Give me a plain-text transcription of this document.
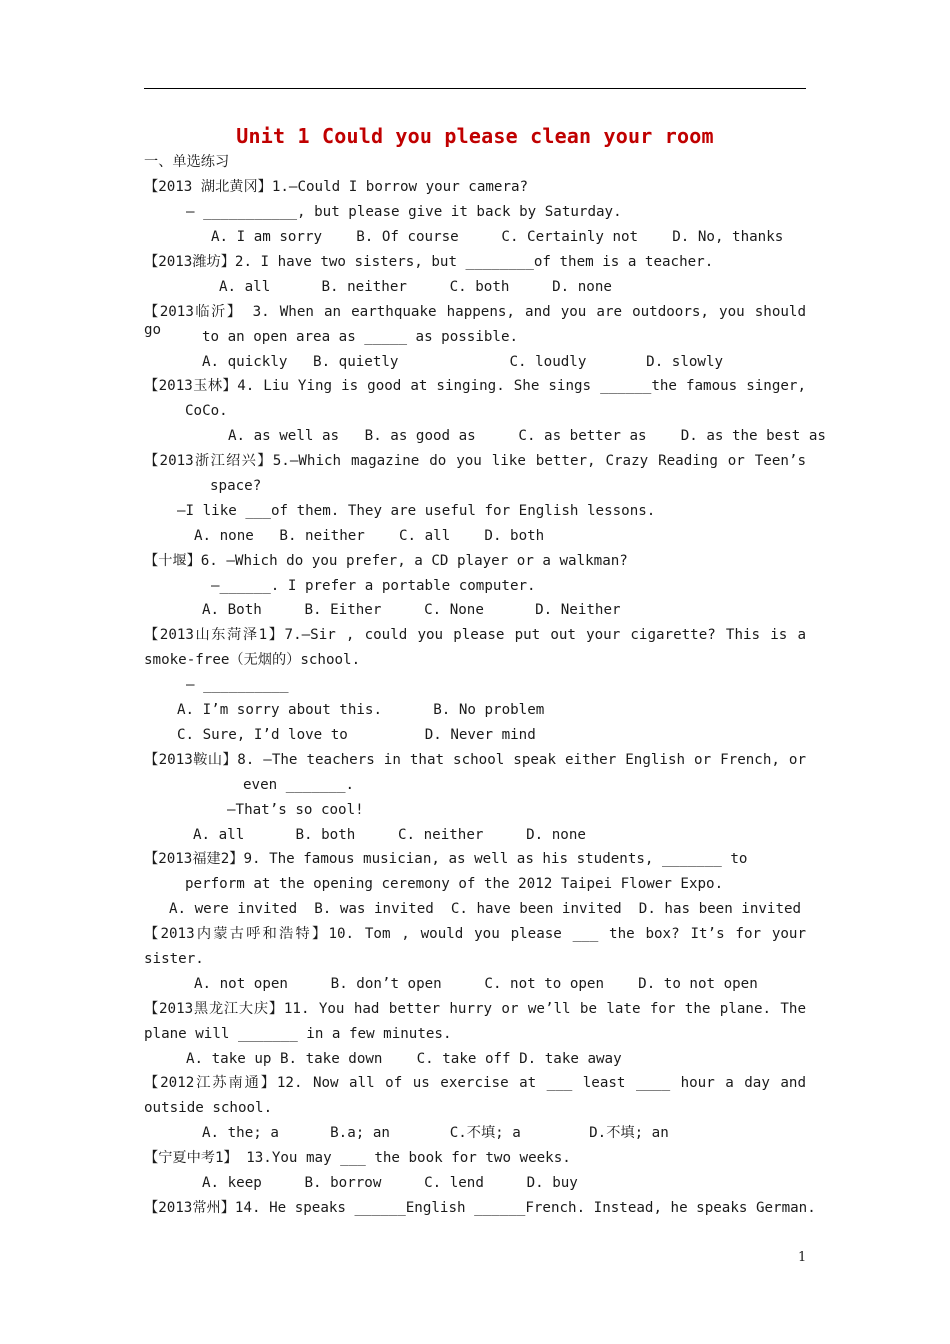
Unit 1 Could you please clean your room
一、单选练习
【2013 湖北黄冈】1.—Could I borrow your camera?
— ___________, but please give it back by Saturday.
A. I am sorry    B. Of course     C. Certainly not    D. No, thanks
【2013潍坊】2. I have two sisters, but ________of them is a teacher.
A. all      B. neither     C. both     D. none
【2013临沂】 3. When an earthquake happens, and you are outdoors, you should go	to an open area as _____ as possible.
A. quickly   B. quietly             C. loudly       D. slowly
【2013玉林】4. Liu Ying is good at singing. She sings ______the famous singer,
CoCo.
A. as well as   B. as good as     C. as better as    D. as the best as
【2013浙江绍兴】5.—Which magazine do you like better, Crazy Reading or Teen’s
space?
—I like ___of them. They are useful for English lessons.
A. none   B. neither    C. all    D. both
【十堰】6. —Which do you prefer, a CD player or a walkman?
—______. I prefer a portable computer.
A. Both     B. Either     C. None      D. Neither
【2013山东菏泽1】7.—Sir , could you please put out your cigarette? This is a
smoke-free（无烟的）school.
— __________
A. I’m sorry about this.      B. No problem
C. Sure, I’d love to         D. Never mind
【2013鞍山】8. —The teachers in that school speak either English or French, or
even _______.
—That’s so cool!
A. all      B. both     C. neither     D. none
【2013福建2】9. The famous musician, as well as his students, _______ to
perform at the opening ceremony of the 2012 Taipei Flower Expo.
A. were invited  B. was invited  C. have been invited  D. has been invited
【2013内蒙古呼和浩特】10. Tom , would you please ___ the box? It’s for your
sister.
A. not open     B. don’t open     C. not to open    D. to not open
【2013黑龙江大庆】11. You had better hurry or we’ll be late for the plane. The
plane will _______ in a few minutes.
A. take up B. take down    C. take off D. take away
【2012江苏南通】12. Now all of us exercise at ___ least ____ hour a day and
outside school.
A. the; a      B.a; an       C.不填; a        D.不填; an
【宁夏中考1】 13.You may ___ the book for two weeks.
A. keep     B. borrow     C. lend     D. buy
【2013常州】14. He speaks ______English ______French. Instead, he speaks German.
1
